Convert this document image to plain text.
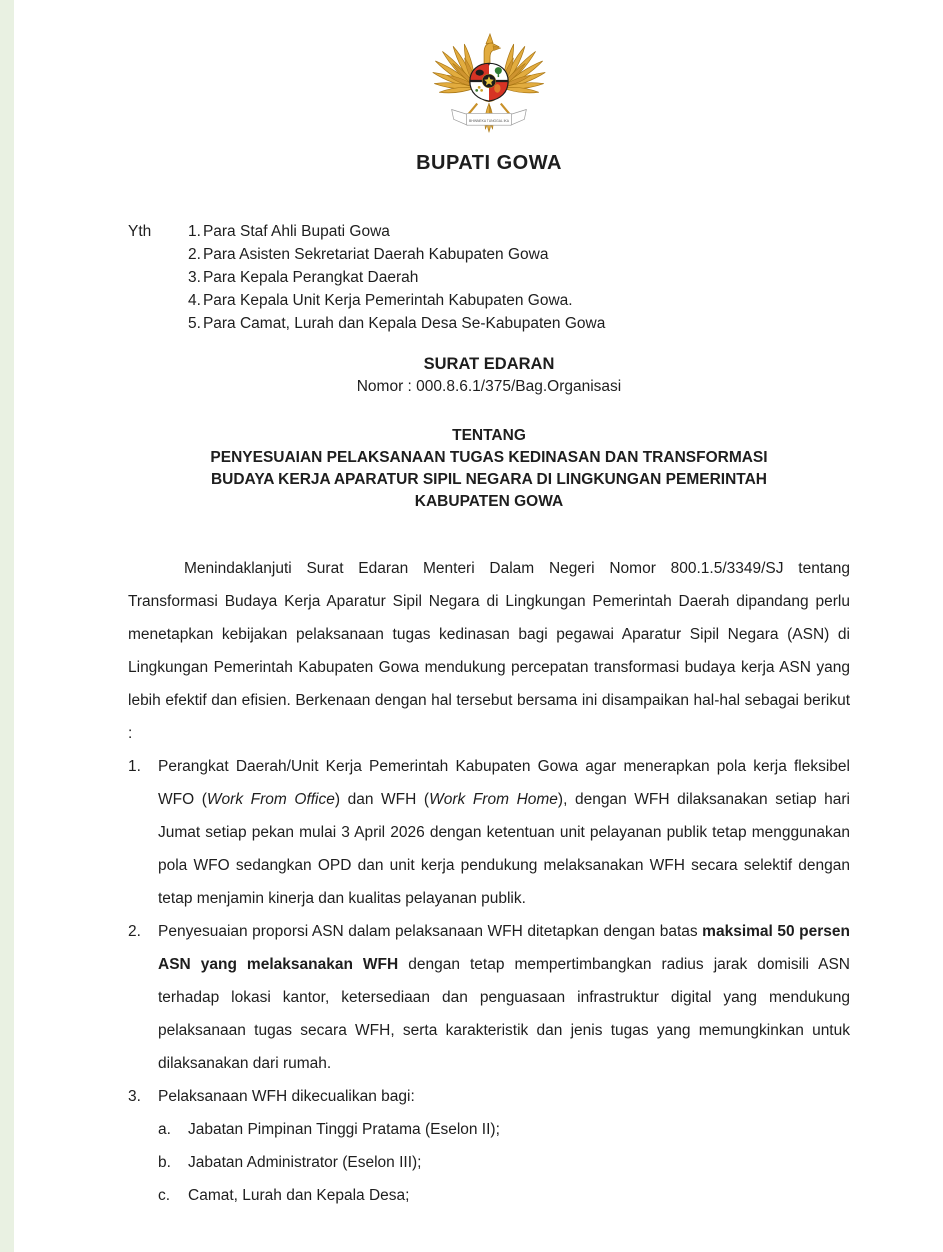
BHINNEKA TUNGGAL IKA
BUPATI GOWA
Yth	1. Para Staf Ahli Bupati Gowa
2. Para Asisten Sekretariat Daerah Kabupaten Gowa
3. Para Kepala Perangkat Daerah
4. Para Kepala Unit Kerja Pemerintah Kabupaten Gowa.
5. Para Camat, Lurah dan Kepala Desa Se-Kabupaten Gowa
SURAT EDARAN
Nomor : 000.8.6.1/375/Bag.Organisasi
TENTANG
PENYESUAIAN PELAKSANAAN TUGAS KEDINASAN DAN TRANSFORMASI
BUDAYA KERJA APARATUR SIPIL NEGARA DI LINGKUNGAN PEMERINTAH
KABUPATEN GOWA

Menindaklanjuti Surat Edaran Menteri Dalam Negeri Nomor 800.1.5/3349/SJ tentang Transformasi Budaya Kerja Aparatur Sipil Negara di Lingkungan Pemerintah Daerah dipandang perlu menetapkan kebijakan pelaksanaan tugas kedinasan bagi pegawai Aparatur Sipil Negara (ASN) di Lingkungan Pemerintah Kabupaten Gowa mendukung percepatan transformasi budaya kerja ASN yang lebih efektif dan efisien. Berkenaan dengan hal tersebut bersama ini disampaikan hal-hal sebagai berikut :

1. Perangkat Daerah/Unit Kerja Pemerintah Kabupaten Gowa agar menerapkan pola kerja fleksibel WFO (Work From Office) dan WFH (Work From Home), dengan WFH dilaksanakan setiap hari Jumat setiap pekan mulai 3 April 2026 dengan ketentuan unit pelayanan publik tetap menggunakan pola WFO sedangkan OPD dan unit kerja pendukung melaksanakan WFH secara selektif dengan tetap menjamin kinerja dan kualitas pelayanan publik.
2. Penyesuaian proporsi ASN dalam pelaksanaan WFH ditetapkan dengan batas maksimal 50 persen ASN yang melaksanakan WFH dengan tetap mempertimbangkan radius jarak domisili ASN terhadap lokasi kantor, ketersediaan dan penguasaan infrastruktur digital yang mendukung pelaksanaan tugas secara WFH, serta karakteristik dan jenis tugas yang memungkinkan untuk dilaksanakan dari rumah.
3. Pelaksanaan WFH dikecualikan bagi:
a. Jabatan Pimpinan Tinggi Pratama (Eselon II);
b. Jabatan Administrator (Eselon III);
c. Camat, Lurah dan Kepala Desa;
